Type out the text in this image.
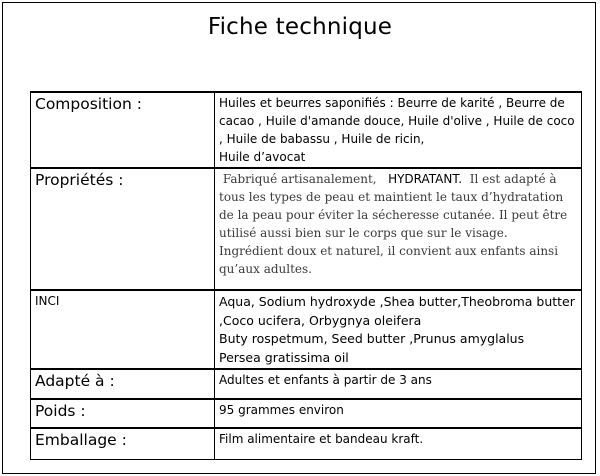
Fiche technique
Composition :	Huiles et beurres saponifiés : Beurre de karité , Beurre de cacao , Huile d'amande douce, Huile d'olive , Huile de coco , Huile de babassu , Huile de ricin,
Huile d’avocat
Propriétés :	Fabriqué artisanalement, HYDRATANT. Il est adapté à tous les types de peau et maintient le taux d’hydratation de la peau pour éviter la sécheresse cutanée. Il peut être utilisé aussi bien sur le corps que sur le visage.
Ingrédient doux et naturel, il convient aux enfants ainsi qu’aux adultes.
INCI	Aqua, Sodium hydroxyde ,Shea butter,Theobroma butter ,Coco ucifera, Orbygnya oleifera
Buty rospetmum, Seed butter ,Prunus amyglalus
Persea gratissima oil
Adapté à :	Adultes et enfants à partir de 3 ans
Poids :	95 grammes environ
Emballage :	Film alimentaire et bandeau kraft.
